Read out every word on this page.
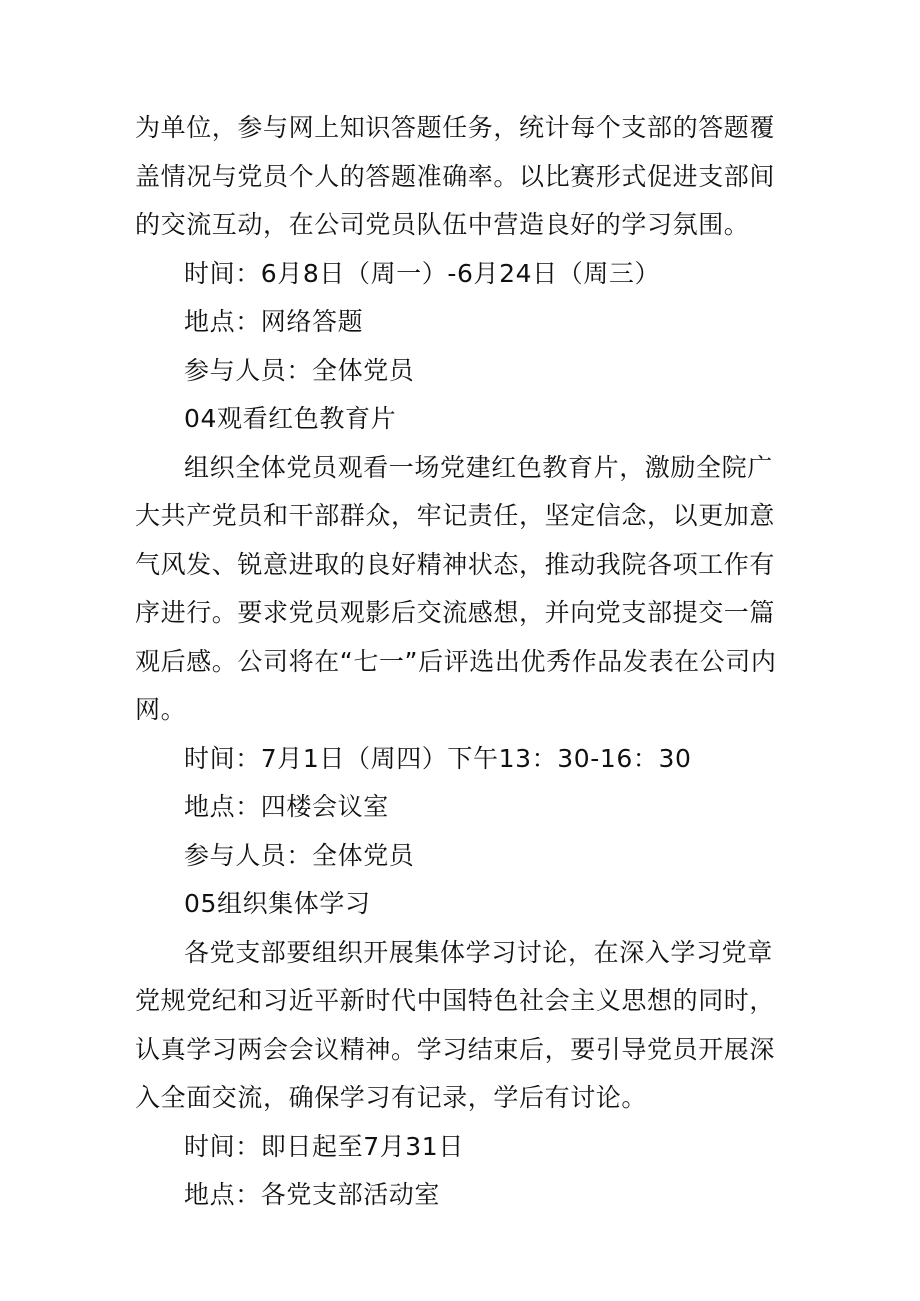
为单位，参与网上知识答题任务，统计每个支部的答题覆盖情况与党员个人的答题准确率。以比赛形式促进支部间的交流互动，在公司党员队伍中营造良好的学习氛围。

时间：6月8日（周一）-6月24日（周三）

地点：网络答题

参与人员：全体党员

04观看红色教育片

组织全体党员观看一场党建红色教育片，激励全院广大共产党员和干部群众，牢记责任，坚定信念，以更加意气风发、锐意进取的良好精神状态，推动我院各项工作有序进行。要求党员观影后交流感想，并向党支部提交一篇观后感。公司将在“七一”后评选出优秀作品发表在公司内网。

时间：7月1日（周四）下午13：30-16：30

地点：四楼会议室

参与人员：全体党员

05组织集体学习

各党支部要组织开展集体学习讨论，在深入学习党章党规党纪和习近平新时代中国特色社会主义思想的同时，认真学习两会会议精神。学习结束后，要引导党员开展深入全面交流，确保学习有记录，学后有讨论。

时间：即日起至7月31日

地点：各党支部活动室
